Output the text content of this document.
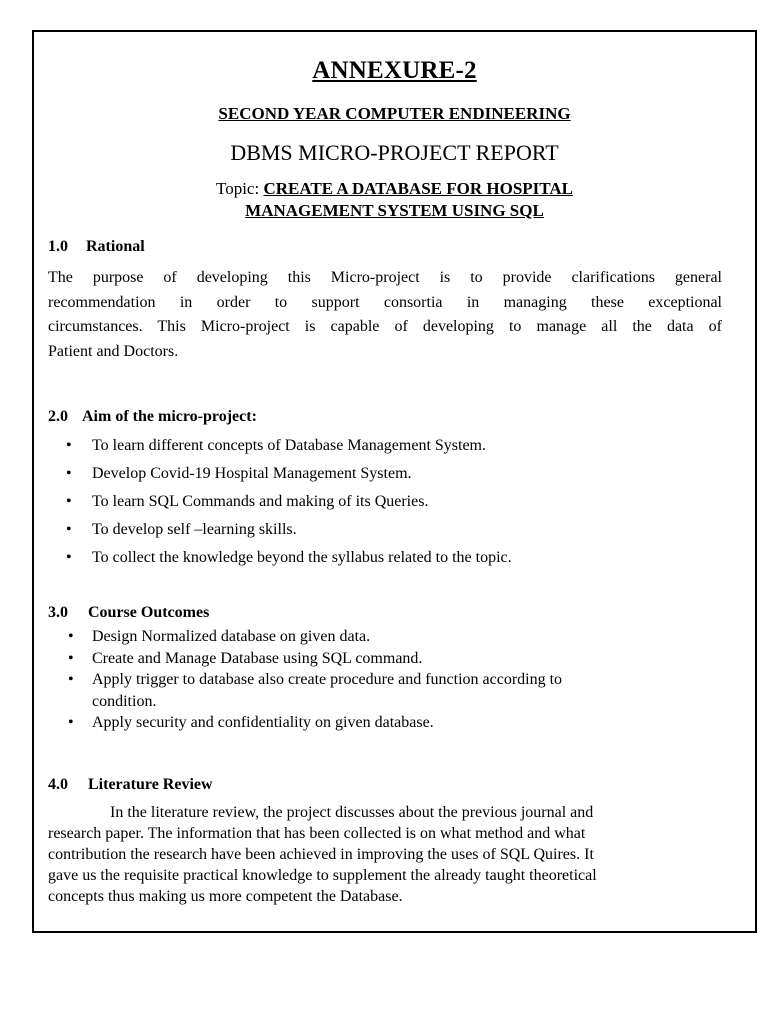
ANNEXURE-2
SECOND YEAR COMPUTER ENDINEERING
DBMS MICRO-PROJECT REPORT
Topic: CREATE A DATABASE FOR HOSPITAL
MANAGEMENT SYSTEM USING SQL
1.0 Rational
The purpose of developing this Micro-project is to provide clarifications general
recommendation in order to support consortia in managing these exceptional
circumstances. This Micro-project is capable of developing to manage all the data of
Patient and Doctors.
2.0 Aim of the micro-project:
•	To learn different concepts of Database Management System.
•	Develop Covid-19 Hospital Management System.
•	To learn SQL Commands and making of its Queries.
•	To develop self –learning skills.
•	To collect the knowledge beyond the syllabus related to the topic.
3.0 Course Outcomes
•	Design Normalized database on given data.
•	Create and Manage Database using SQL command.
•	Apply trigger to database also create procedure and function according to
condition.
•	Apply security and confidentiality on given database.
4.0 Literature Review
In the literature review, the project discusses about the previous journal and
research paper. The information that has been collected is on what method and what
contribution the research have been achieved in improving the uses of SQL Quires. It
gave us the requisite practical knowledge to supplement the already taught theoretical
concepts thus making us more competent the Database.
